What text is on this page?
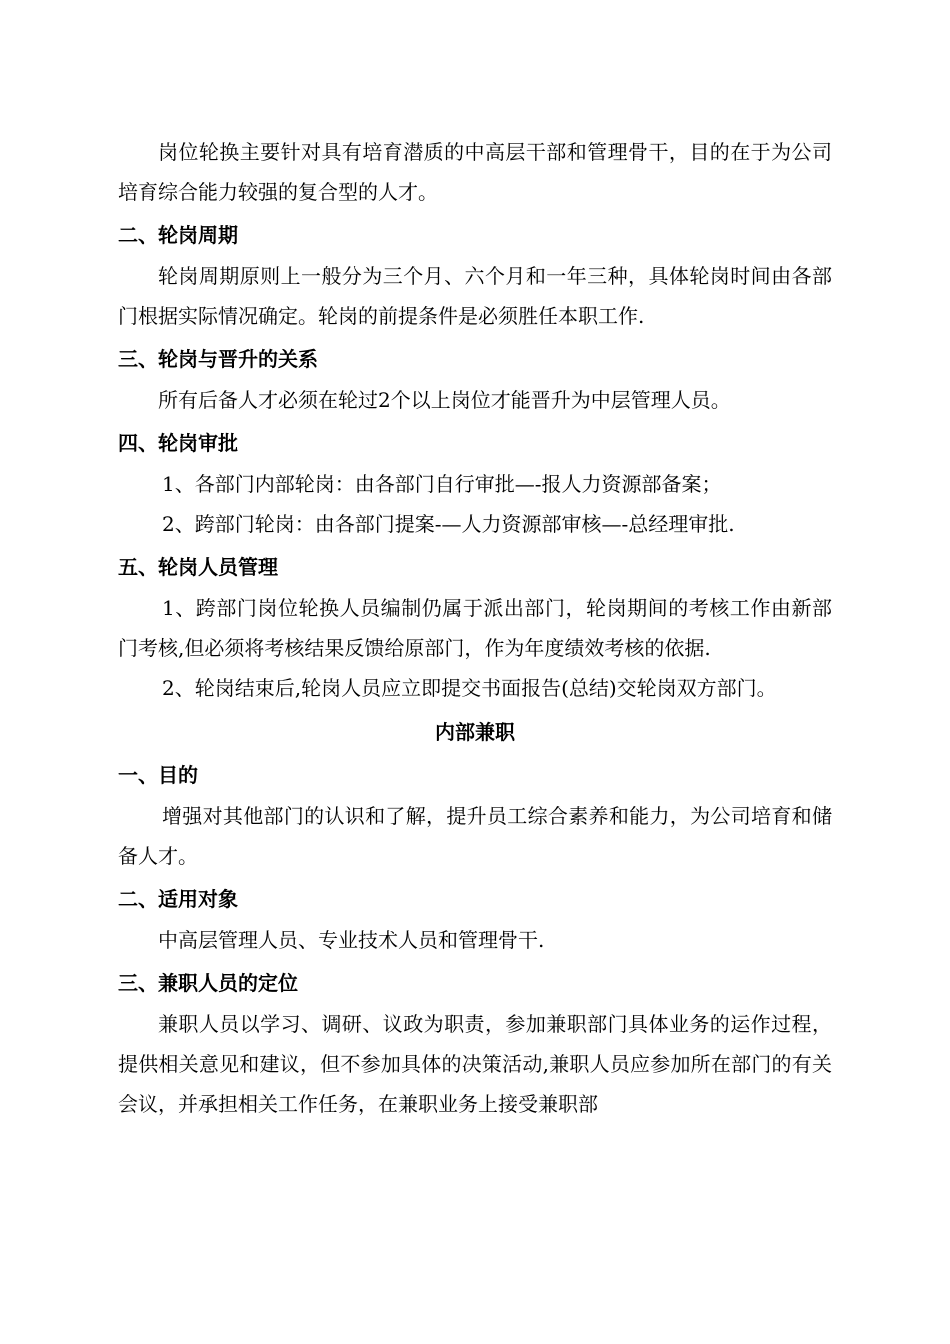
岗位轮换主要针对具有培育潜质的中高层干部和管理骨干，目的在于为公司培育综合能力较强的复合型的人才。

二、轮岗周期

轮岗周期原则上一般分为三个月、六个月和一年三种，具体轮岗时间由各部门根据实际情况确定。轮岗的前提条件是必须胜任本职工作.

三、轮岗与晋升的关系

所有后备人才必须在轮过2个以上岗位才能晋升为中层管理人员。

四、轮岗审批

1、各部门内部轮岗：由各部门自行审批—-报人力资源部备案；

2、跨部门轮岗：由各部门提案-—人力资源部审核—-总经理审批.

五、轮岗人员管理

1、跨部门岗位轮换人员编制仍属于派出部门，轮岗期间的考核工作由新部门考核,但必须将考核结果反馈给原部门，作为年度绩效考核的依据.

2、轮岗结束后,轮岗人员应立即提交书面报告(总结)交轮岗双方部门。

内部兼职
一、目的

增强对其他部门的认识和了解，提升员工综合素养和能力，为公司培育和储备人才。

二、适用对象

中高层管理人员、专业技术人员和管理骨干.

三、兼职人员的定位

兼职人员以学习、调研、议政为职责，参加兼职部门具体业务的运作过程，提供相关意见和建议，但不参加具体的决策活动,兼职人员应参加所在部门的有关会议，并承担相关工作任务，在兼职业务上接受兼职部
